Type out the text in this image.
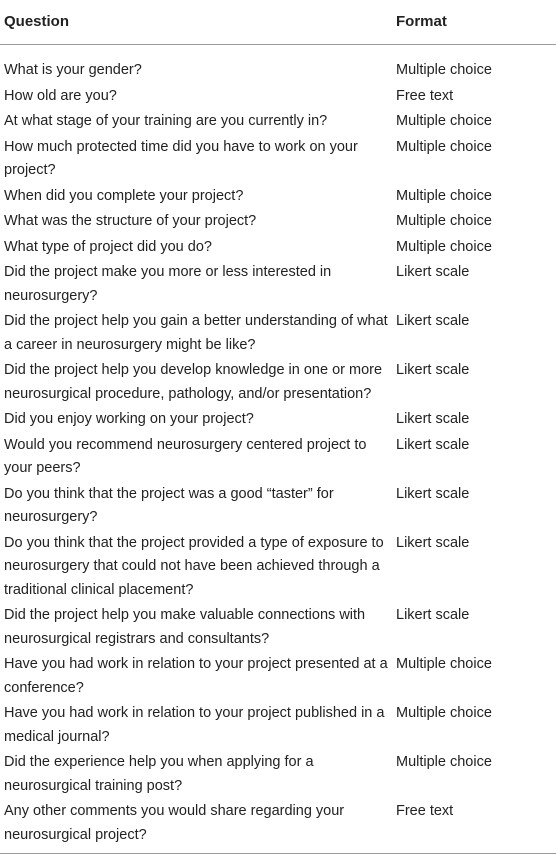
Question	Format
What is your gender?	Multiple choice
How old are you?	Free text
At what stage of your training are you currently in?	Multiple choice
How much protected time did you have to work on your project?	Multiple choice
When did you complete your project?	Multiple choice
What was the structure of your project?	Multiple choice
What type of project did you do?	Multiple choice
Did the project make you more or less interested in neurosurgery?	Likert scale
Did the project help you gain a better understanding of what a career in neurosurgery might be like?	Likert scale
Did the project help you develop knowledge in one or more neurosurgical procedure, pathology, and/or presentation?	Likert scale
Did you enjoy working on your project?	Likert scale
Would you recommend neurosurgery centered project to your peers?	Likert scale
Do you think that the project was a good “taster” for neurosurgery?	Likert scale
Do you think that the project provided a type of exposure to neurosurgery that could not have been achieved through a traditional clinical placement?	Likert scale
Did the project help you make valuable connections with neurosurgical registrars and consultants?	Likert scale
Have you had work in relation to your project presented at a conference?	Multiple choice
Have you had work in relation to your project published in a medical journal?	Multiple choice
Did the experience help you when applying for a neurosurgical training post?	Multiple choice
Any other comments you would share regarding your neurosurgical project?	Free text
